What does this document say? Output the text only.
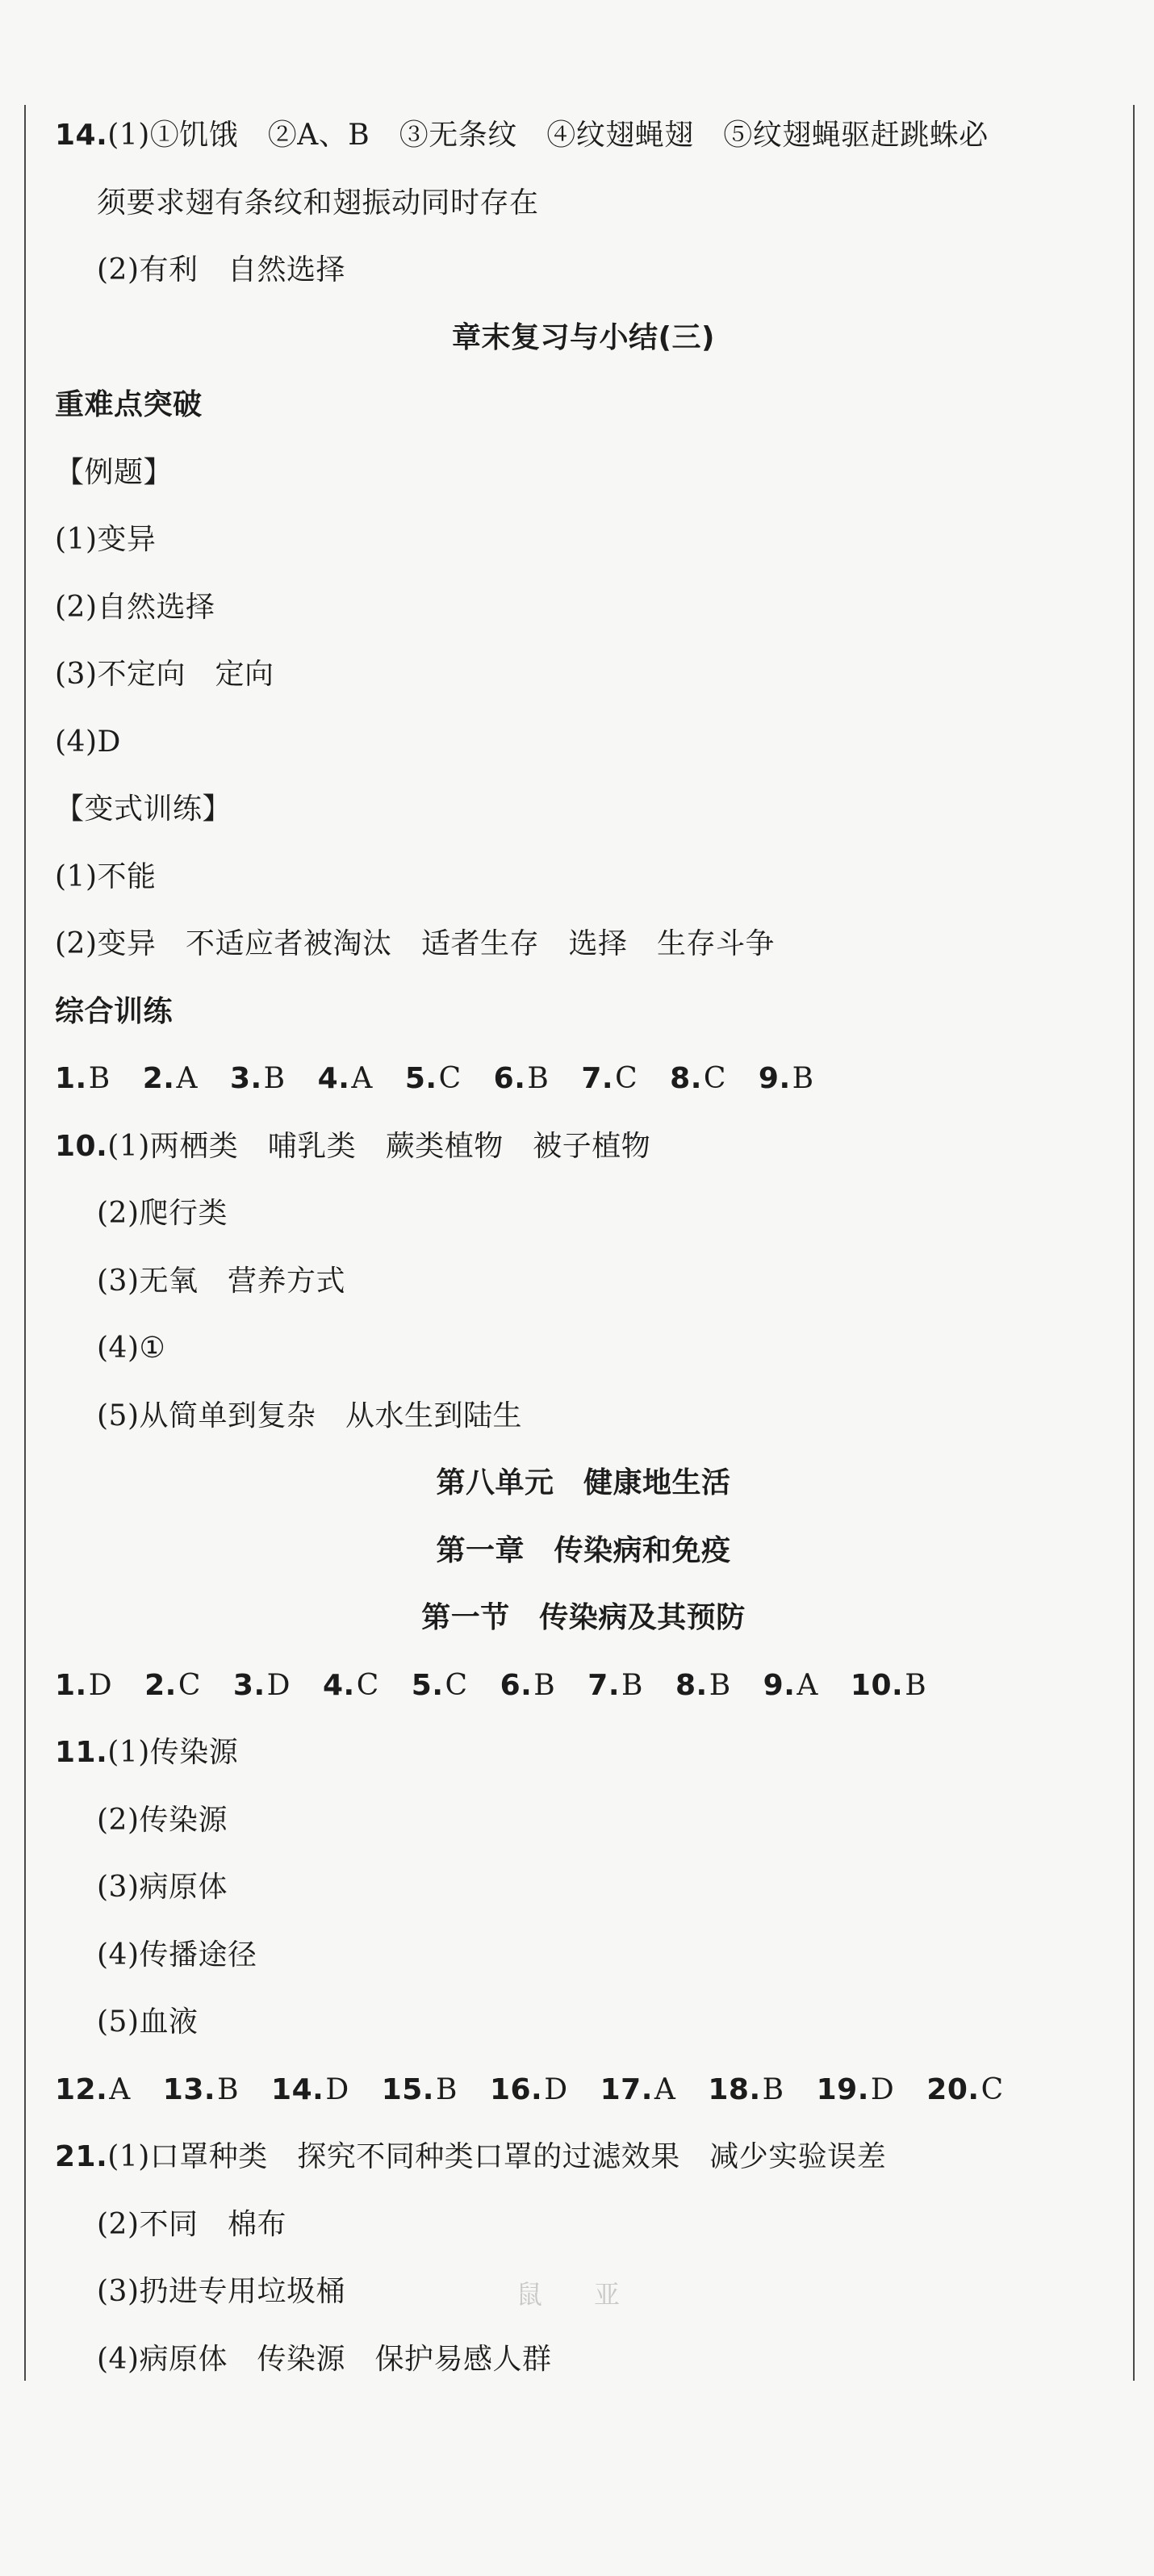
14.(1)①饥饿　②A、B　③无条纹　④纹翅蝇翅　⑤纹翅蝇驱赶跳蛛必
须要求翅有条纹和翅振动同时存在
(2)有利　自然选择
章末复习与小结(三)
重难点突破
【例题】
(1)变异
(2)自然选择
(3)不定向　定向
(4)D
【变式训练】
(1)不能
(2)变异　不适应者被淘汰　适者生存　选择　生存斗争
综合训练
1.B 2.A 3.B 4.A 5.C 6.B 7.C 8.C 9.B
10.(1)两栖类　哺乳类　蕨类植物　被子植物
(2)爬行类
(3)无氧　营养方式
(4)①
(5)从简单到复杂　从水生到陆生
第八单元　健康地生活
第一章　传染病和免疫
第一节　传染病及其预防
1.D 2.C 3.D 4.C 5.C 6.B 7.B 8.B 9.A 10.B
11.(1)传染源
(2)传染源
(3)病原体
(4)传播途径
(5)血液
12.A 13.B 14.D 15.B 16.D 17.A 18.B 19.D 20.C
21.(1)口罩种类　探究不同种类口罩的过滤效果　减少实验误差
(2)不同　棉布
(3)扔进专用垃圾桶
(4)病原体　传染源　保护易感人群
鼠　亚
